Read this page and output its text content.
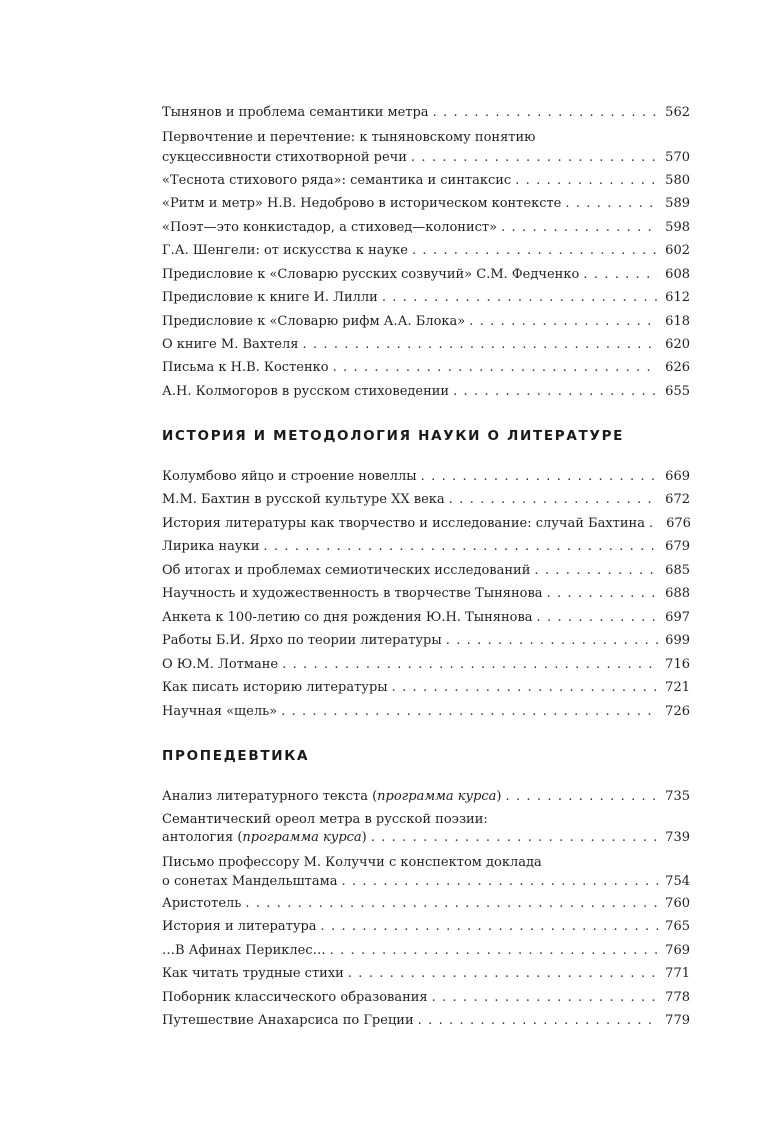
Тынянов и проблема семантики метра . . .	562
Первочтение и перечтение: к тыняновскому понятию
сукцессивности стихотворной речи . . .	570
«Теснота стихового ряда»: семантика и синтаксис . . .	580
«Ритм и метр» Н.В. Недоброво в историческом контексте . . .	589
«Поэт—это конкистадор, а стиховед—колонист» . . .	598
Г.А. Шенгели: от искусства к науке . . .	602
Предисловие к «Словарю русских созвучий» С.М. Федченко . . .	608
Предисловие к книге И. Лилли . . .	612
Предисловие к «Словарю рифм А.А. Блока» . . .	618
О книге М. Вахтеля . . .	620
Письма к Н.В. Костенко . . .	626
А.Н. Колмогоров в русском стиховедении . . .	655
ИСТОРИЯ И МЕТОДОЛОГИЯ НАУКИ О ЛИТЕРАТУРЕ
Колумбово яйцо и строение новеллы . . .	669
М.М. Бахтин в русской культуре XX века . . .	672
История литературы как творчество и исследование: случай Бахтина . . . 676
Лирика науки . . .	679
Об итогах и проблемах семиотических исследований . . .	685
Научность и художественность в творчестве Тынянова . . .	688
Анкета к 100-летию со дня рождения Ю.Н. Тынянова . . .	697
Работы Б.И. Ярхо по теории литературы . . .	699
О Ю.М. Лотмане . . .	716
Как писать историю литературы . . .	721
Научная «щель» . . .	726
ПРОПЕДЕВТИКА
Анализ литературного текста (программа курса) . . .	735
Семантический ореол метра в русской поэзии:
антология (программа курса) . . .	739
Письмо профессору М. Колуччи с конспектом доклада
о сонетах Мандельштама . . .	754
Аристотель . . .	760
История и литература . . .	765
…В Афинах Периклес… . . .	769
Как читать трудные стихи . . .	771
Поборник классического образования . . .	778
Путешествие Анахарсиса по Греции . . .	779
